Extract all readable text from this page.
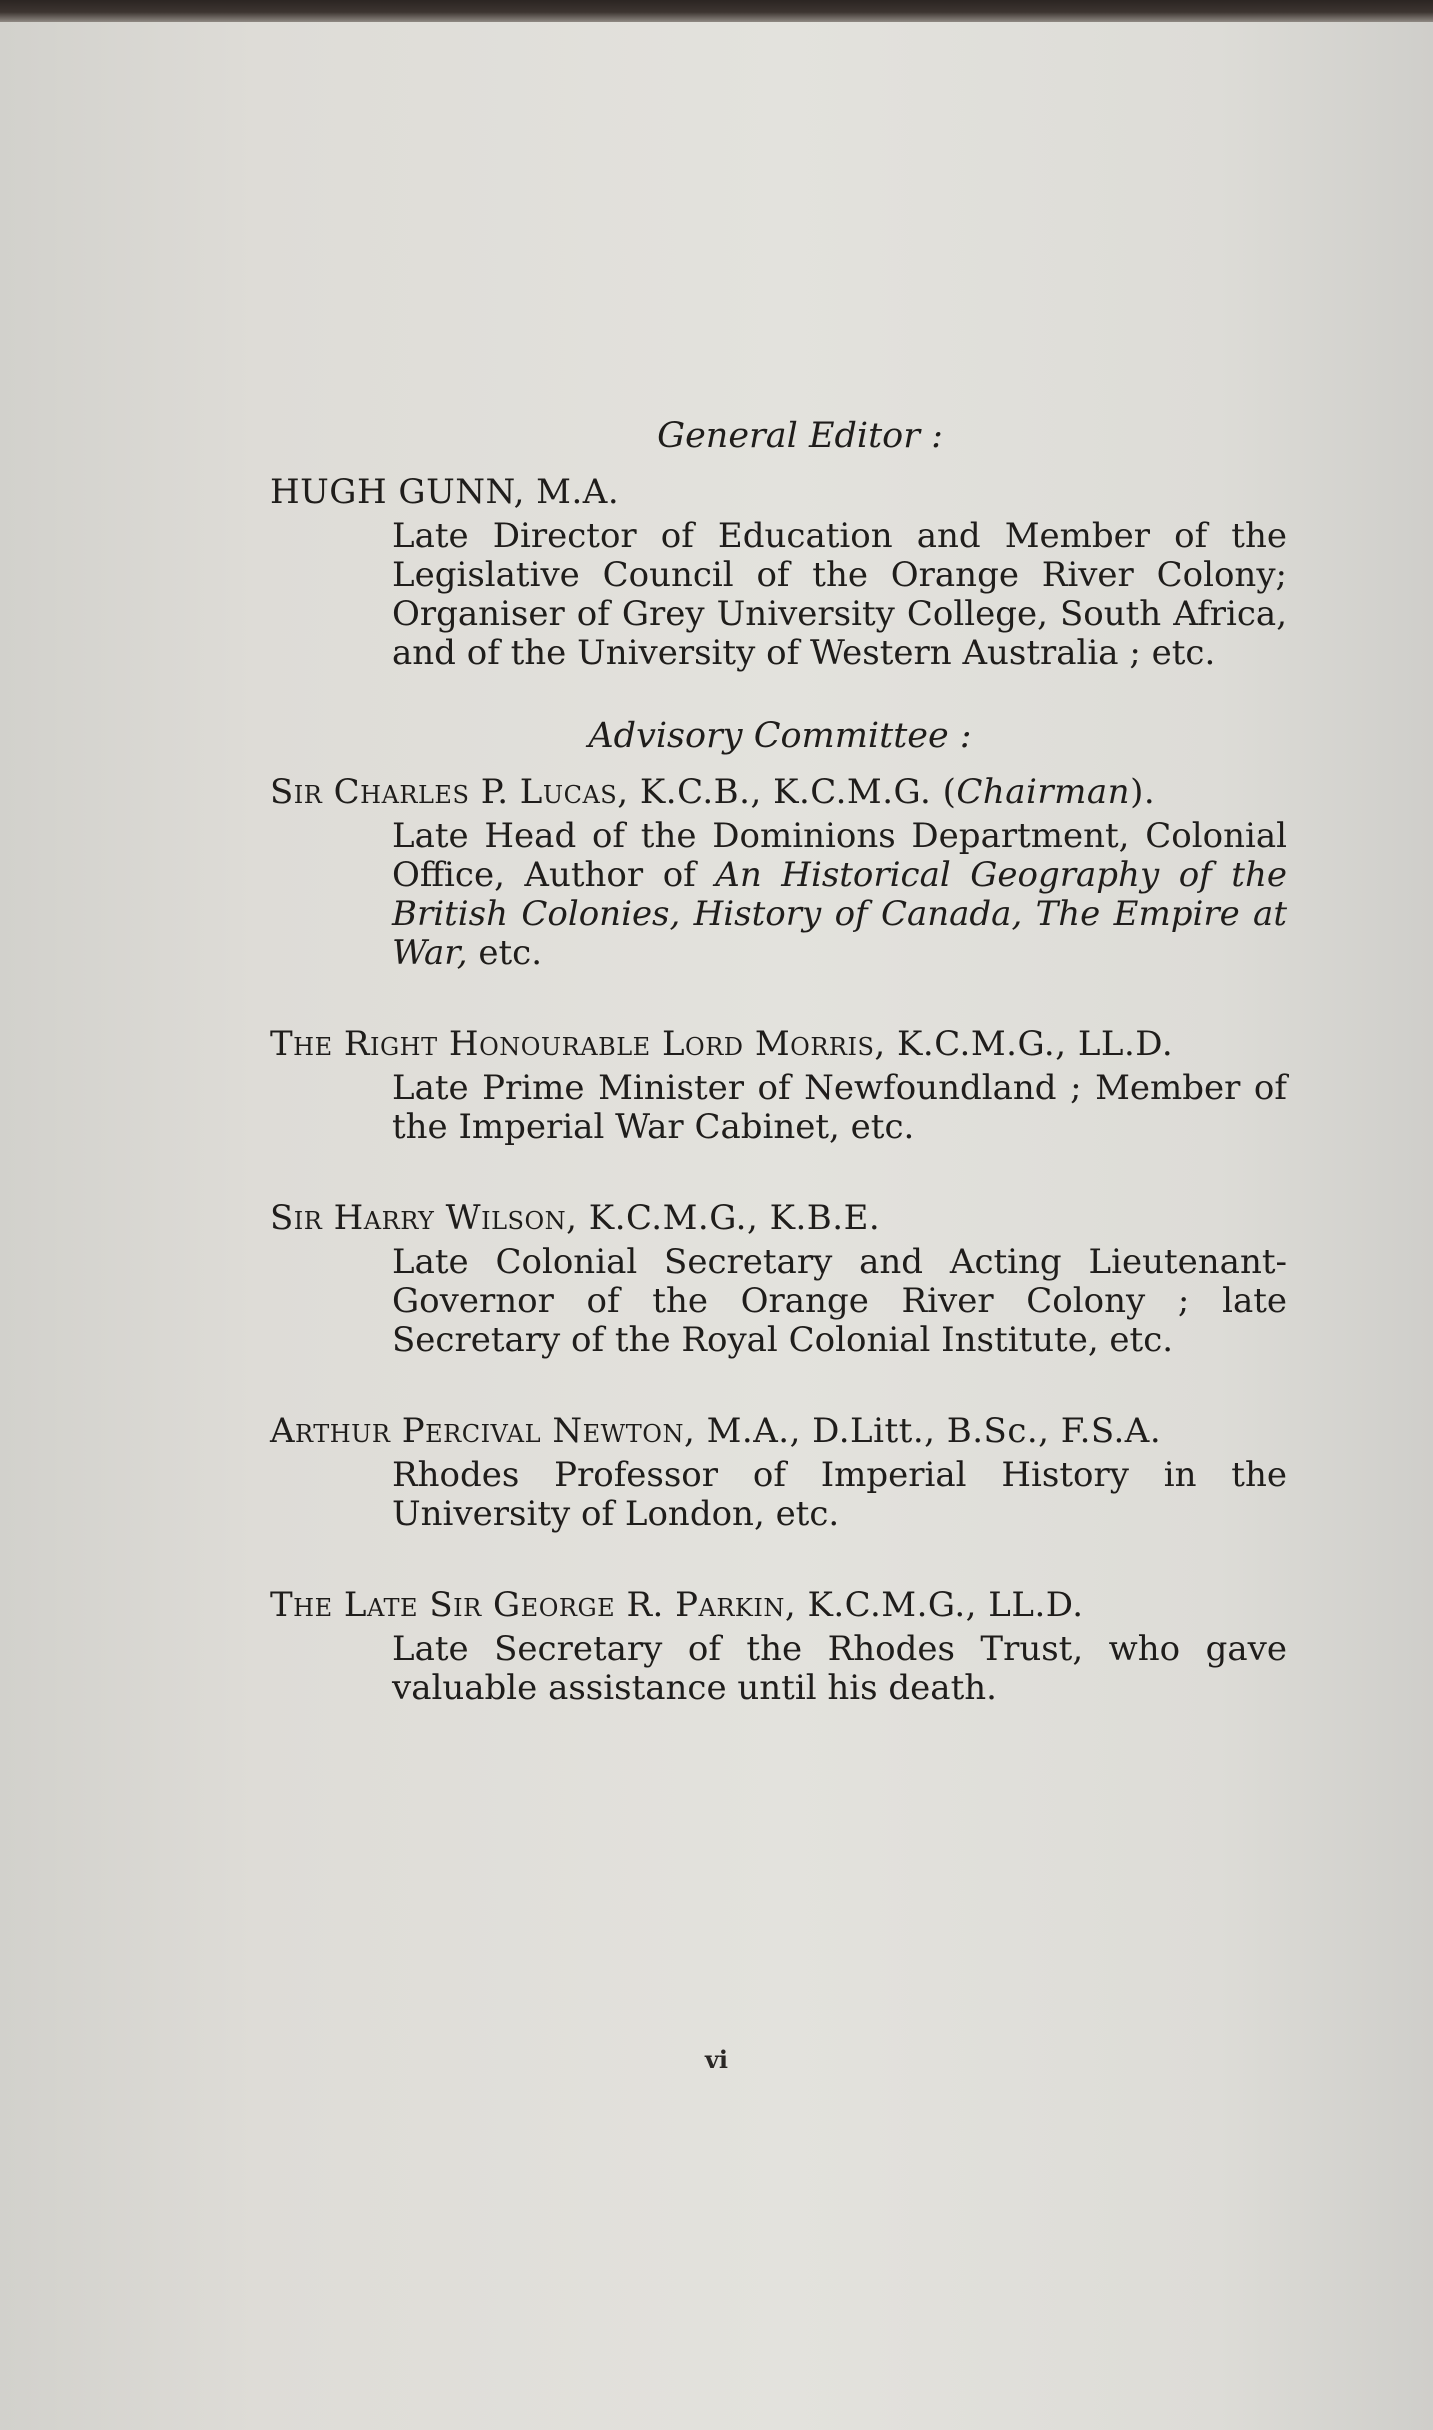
General Editor :

HUGH GUNN, M.A.

Late Director of Education and Member of the Legislative Council of the Orange River Colony; Organiser of Grey University College, South Africa, and of the University of Western Australia ; etc.

Advisory Committee :

Sir Charles P. Lucas, K.C.B., K.C.M.G. (Chairman).

Late Head of the Dominions Department, Colonial Office, Author of An Historical Geography of the British Colonies, History of Canada, The Empire at War, etc.

The Right Honourable Lord Morris, K.C.M.G., LL.D.

Late Prime Minister of Newfoundland ; Member of the Imperial War Cabinet, etc.

Sir Harry Wilson, K.C.M.G., K.B.E.

Late Colonial Secretary and Acting Lieutenant-Governor of the Orange River Colony ; late Secretary of the Royal Colonial Institute, etc.

Arthur Percival Newton, M.A., D.Litt., B.Sc., F.S.A.

Rhodes Professor of Imperial History in the University of London, etc.

The Late Sir George R. Parkin, K.C.M.G., LL.D.

Late Secretary of the Rhodes Trust, who gave valuable assistance until his death.

vi
